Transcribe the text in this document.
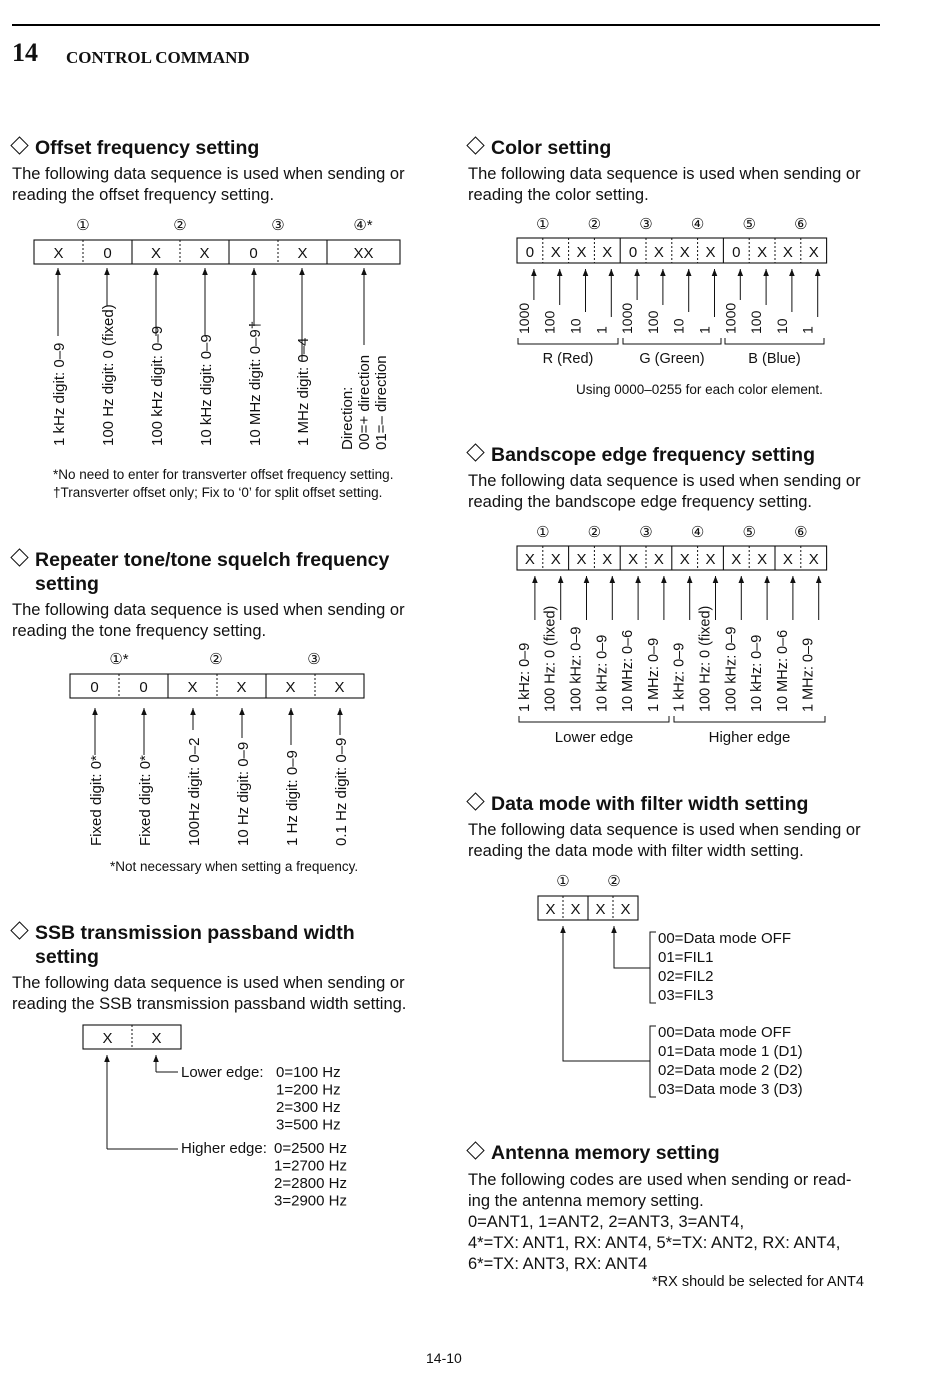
14 CONTROL COMMAND
Offset frequency setting
The following data sequence is used when sending or
reading the offset frequency setting.
*No need to enter for transverter offset frequency setting.
†Transverter offset only; Fix to ‘0’ for split offset setting.
Repeater tone/tone squelch frequency
setting
The following data sequence is used when sending or
reading the tone frequency setting.
*Not necessary when setting a frequency.
SSB transmission passband width
setting
The following data sequence is used when sending or
reading the SSB transmission passband width setting.
Color setting
The following data sequence is used when sending or
reading the color setting.
Using 0000–0255 for each color element.
Bandscope edge frequency setting
The following data sequence is used when sending or
reading the bandscope edge frequency setting.
Data mode with filter width setting
The following data sequence is used when sending or
reading the data mode with filter width setting.
Antenna memory setting
The following codes are used when sending or read-
ing the antenna memory setting.
0=ANT1, 1=ANT2, 2=ANT3, 3=ANT4,
4*=TX: ANT1, RX: ANT4, 5*=TX: ANT2, RX: ANT4,
6*=TX: ANT3, RX: ANT4
*RX should be selected for ANT4
14-10
X	0	X	X	0	X	XX
①	②	③	④*
1 kHz digit: 0–9 100 Hz digit: 0 (fixed) 100 kHz digit: 0–9 10 kHz digit: 0–9 10 MHz digit: 0–9† 1 MHz digit: 0–4 Direction: 00=+ direction 01=– direction
0	0	X	X	X	X
①*	②	③
Fixed digit: 0* Fixed digit: 0* 100Hz digit: 0–2 10 Hz digit: 0–9 1 Hz digit: 0–9 0.1 Hz digit: 0–9
X	X
Lower edge: 0=100 Hz
1=200 Hz
2=300 Hz
3=500 Hz
Higher edge: 0=2500 Hz
1=2700 Hz
2=2800 Hz
3=2900 Hz
0 X X X 0 X X X 0 X X X
①	②	③	④	⑤	⑥
1000 100 10 1 1000 100 10 1 1000 100 10 1
R (Red)	G (Green)	B (Blue)
X X X X X X X X X X X X
①	②	③	④	⑤	⑥
1 kHz: 0–9 100 Hz: 0 (fixed) 100 kHz: 0–9 10 kHz: 0–9 10 MHz: 0–6 1 MHz: 0–9 1 kHz: 0–9 100 Hz: 0 (fixed) 100 kHz: 0–9 10 kHz: 0–9 10 MHz: 0–6 1 MHz: 0–9
Lower edge	Higher edge
X X X X
①	②
00=Data mode OFF
01=FIL1
02=FIL2
03=FIL3
00=Data mode OFF
01=Data mode 1 (D1)
02=Data mode 2 (D2)
03=Data mode 3 (D3)
